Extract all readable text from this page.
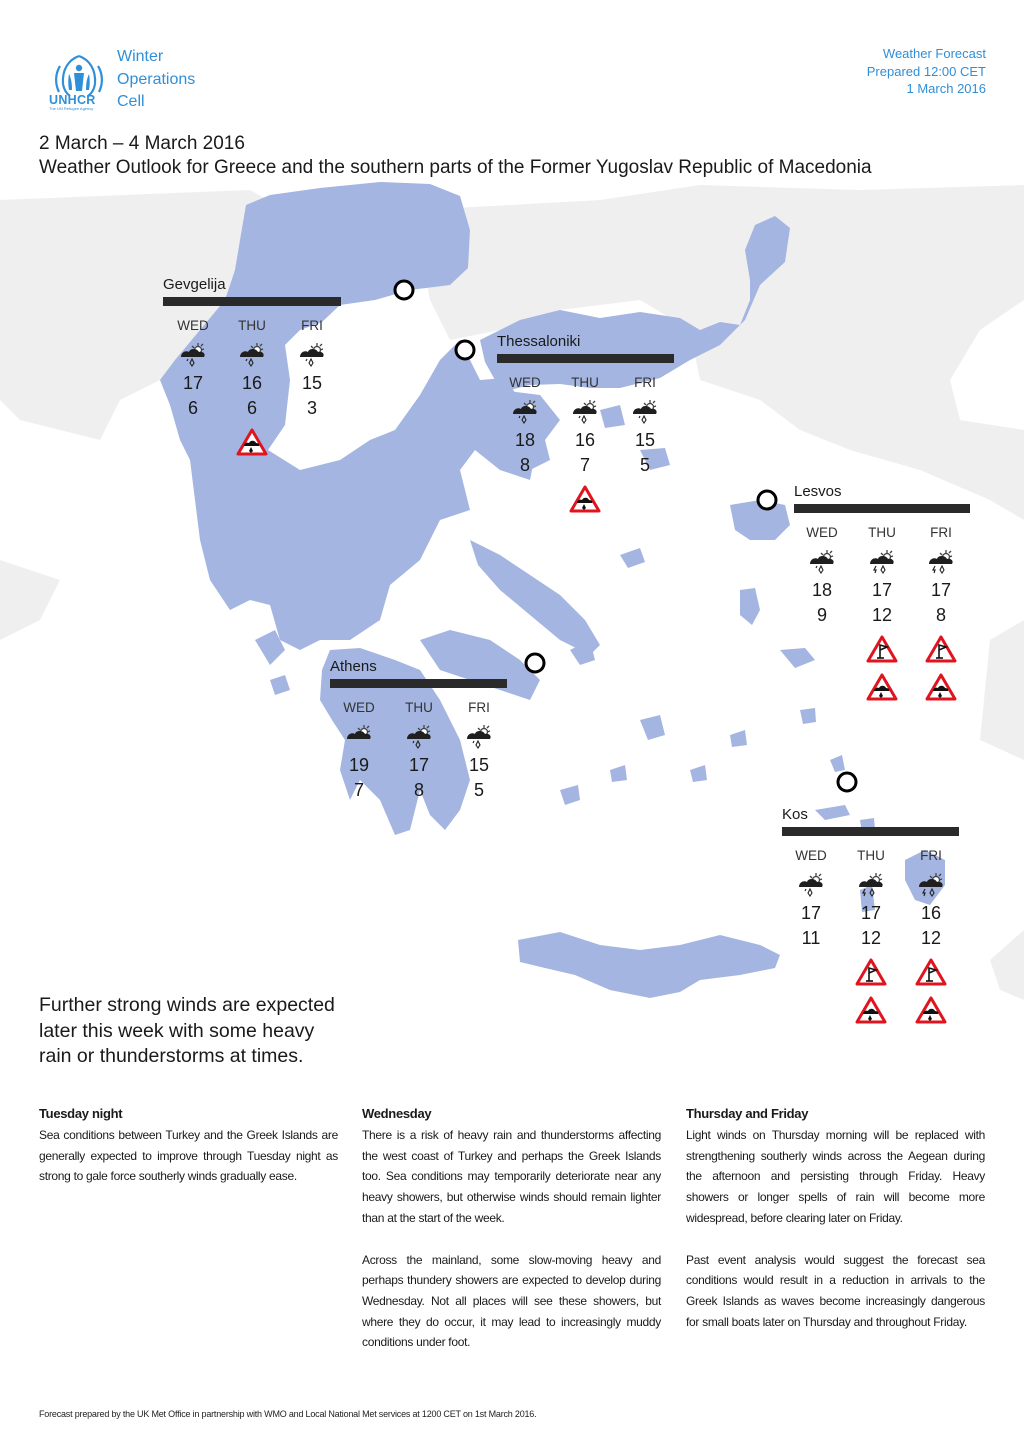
UNHCR
The UN Refugee Agency
Winter
Operations
Cell
Weather Forecast
Prepared 12:00 CET
1 March 2016
2 March – 4 March 2016
Weather Outlook for Greece and the southern parts of the Former Yugoslav Republic of Macedonia
Gevgelija
WED
17
6
THU
16
6
FRI
15
3
Thessaloniki
WED
18
8
THU
16
7
FRI
15
5
Lesvos
WED
18
9
THU
17
12
FRI
17
8
Athens
WED
19
7
THU
17
8
FRI
15
5
Kos
WED
17
11
THU
17
12
FRI
16
12
Further strong winds are expected later this week with some heavy rain or thunderstorms at times.
Tuesday night

Sea conditions between Turkey and the Greek Islands are generally expected to improve through Tuesday night as strong to gale force southerly winds gradually ease.

Wednesday

There is a risk of heavy rain and thunderstorms affecting the west coast of Turkey and perhaps the Greek Islands too. Sea conditions may temporarily deteriorate near any heavy showers, but otherwise winds should remain lighter than at the start of the week.

Across the mainland, some slow-moving heavy and perhaps thundery showers are expected to develop during Wednesday. Not all places will see these showers, but where they do occur, it may lead to increasingly muddy conditions under foot.

Thursday and Friday

Light winds on Thursday morning will be replaced with strengthening southerly winds across the Aegean during the afternoon and persisting through Friday. Heavy showers or longer spells of rain will become more widespread, before clearing later on Friday.

Past event analysis would suggest the forecast sea conditions would result in a reduction in arrivals to the Greek Islands as waves become increasingly dangerous for small boats later on Thursday and throughout Friday.

Forecast prepared by the UK Met Office in partnership with WMO and Local National Met services at 1200 CET on 1st March 2016.
